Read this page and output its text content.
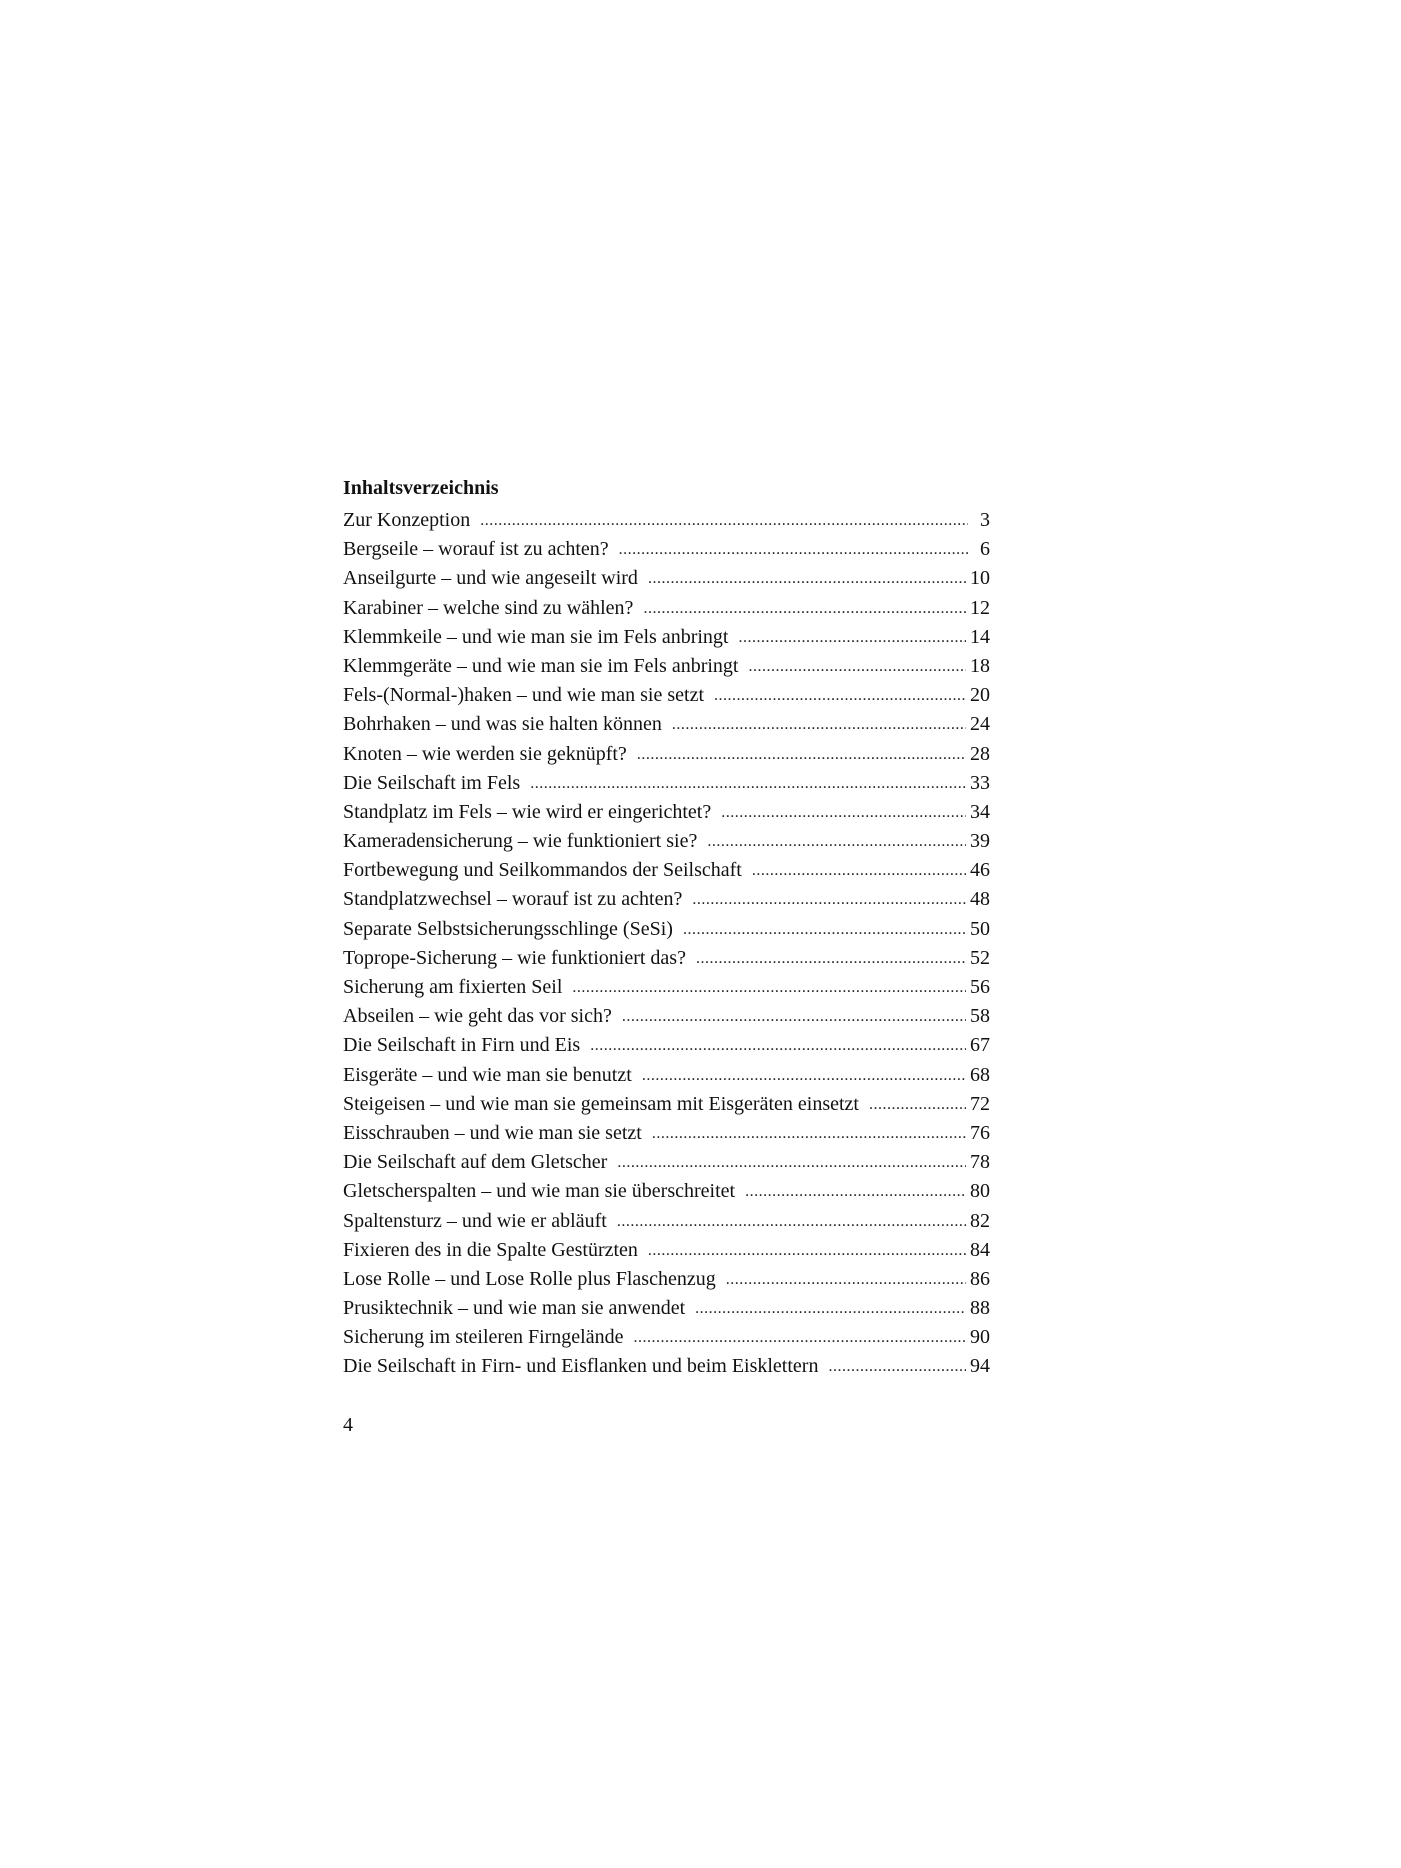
Inhaltsverzeichnis
Zur Konzeption .....	3
Bergseile – worauf ist zu achten? .....	6
Anseilgurte – und wie angeseilt wird .....	10
Karabiner – welche sind zu wählen? .....	12
Klemmkeile – und wie man sie im Fels anbringt .....	14
Klemmgeräte – und wie man sie im Fels anbringt .....	18
Fels-(Normal-)haken – und wie man sie setzt .....	20
Bohrhaken – und was sie halten können .....	24
Knoten – wie werden sie geknüpft? .....	28
Die Seilschaft im Fels .....	33
Standplatz im Fels – wie wird er eingerichtet? .....	34
Kameradensicherung – wie funktioniert sie? .....	39
Fortbewegung und Seilkommandos der Seilschaft .....	46
Standplatzwechsel – worauf ist zu achten? .....	48
Separate Selbstsicherungsschlinge (SeSi) .....	50
Toprope-Sicherung – wie funktioniert das? .....	52
Sicherung am fixierten Seil .....	56
Abseilen – wie geht das vor sich? .....	58
Die Seilschaft in Firn und Eis .....	67
Eisgeräte – und wie man sie benutzt .....	68
Steigeisen – und wie man sie gemeinsam mit Eisgeräten einsetzt .....	72
Eisschrauben – und wie man sie setzt .....	76
Die Seilschaft auf dem Gletscher .....	78
Gletscherspalten – und wie man sie überschreitet .....	80
Spaltensturz – und wie er abläuft .....	82
Fixieren des in die Spalte Gestürzten .....	84
Lose Rolle – und Lose Rolle plus Flaschenzug .....	86
Prusiktechnik – und wie man sie anwendet .....	88
Sicherung im steileren Firngelände .....	90
Die Seilschaft in Firn- und Eisflanken und beim Eisklettern .....	94
4
